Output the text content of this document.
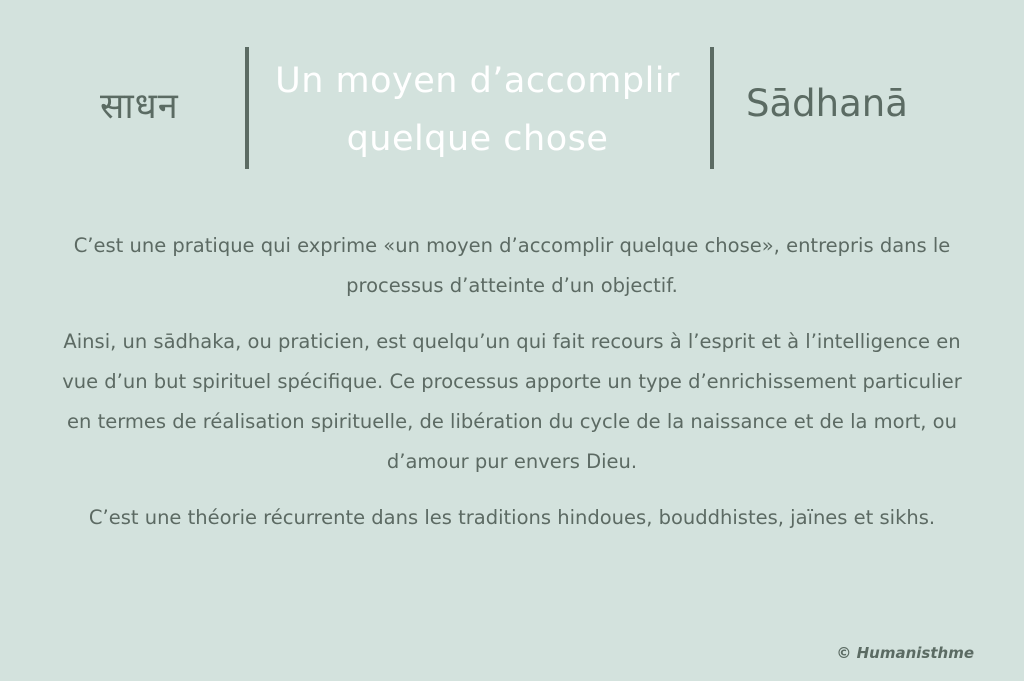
साधन
Un moyen d’accomplir quelque chose
Sādhanā

C’est une pratique qui exprime «un moyen d’accomplir quelque chose», entrepris dans le processus d’atteinte d’un objectif.

Ainsi, un sādhaka, ou praticien, est quelqu’un qui fait recours à l’esprit et à l’intelligence en vue d’un but spirituel spécifique. Ce processus apporte un type d’enrichissement particulier en termes de réalisation spirituelle, de libération du cycle de la naissance et de la mort, ou d’amour pur envers Dieu.

C’est une théorie récurrente dans les traditions hindoues, bouddhistes, jaïnes et sikhs.

© Humanisthme
